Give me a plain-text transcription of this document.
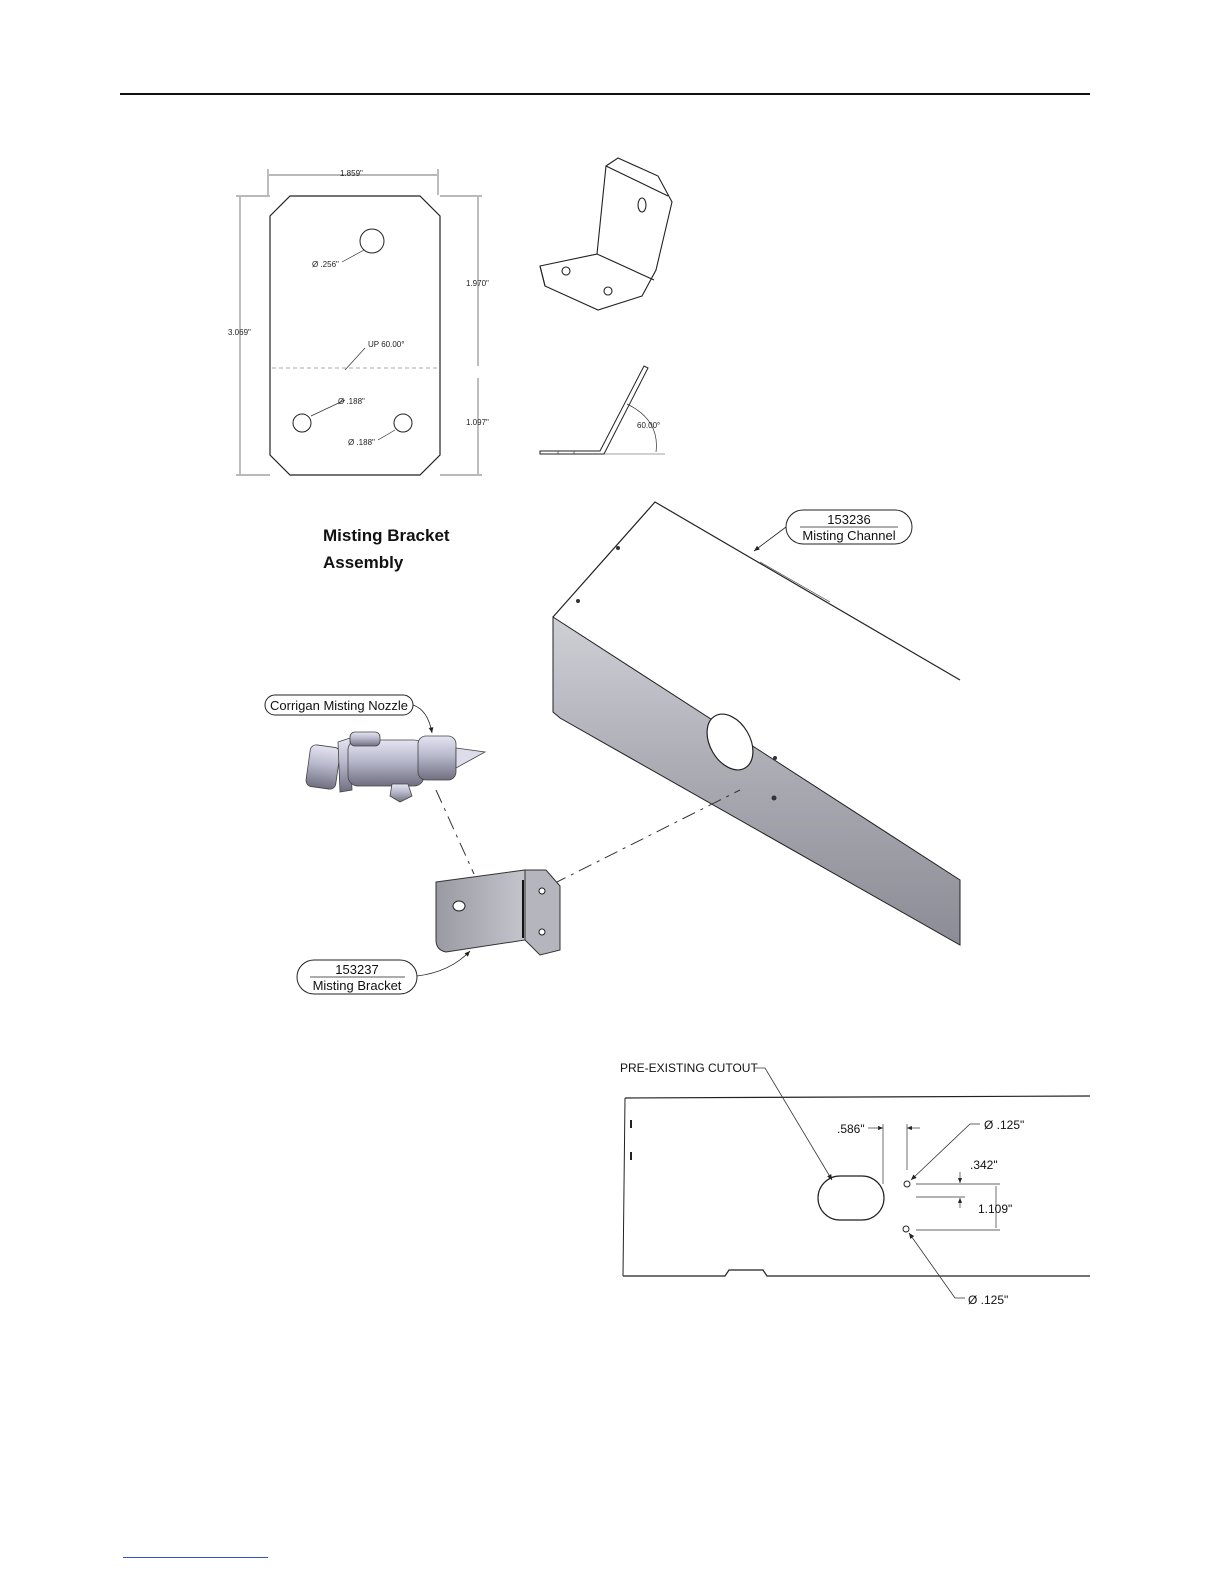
1.859"
3.069"
1.970"
1.097"
Ø .256"
Ø .188"
Ø .188"
UP 60.00°
60.00°
Misting Bracket
Assembly
153236
Misting Channel
Corrigan Misting Nozzle
153237
Misting Bracket
PRE-EXISTING CUTOUT
.586"	Ø .125"
.342"
1.109"
Ø .125"
